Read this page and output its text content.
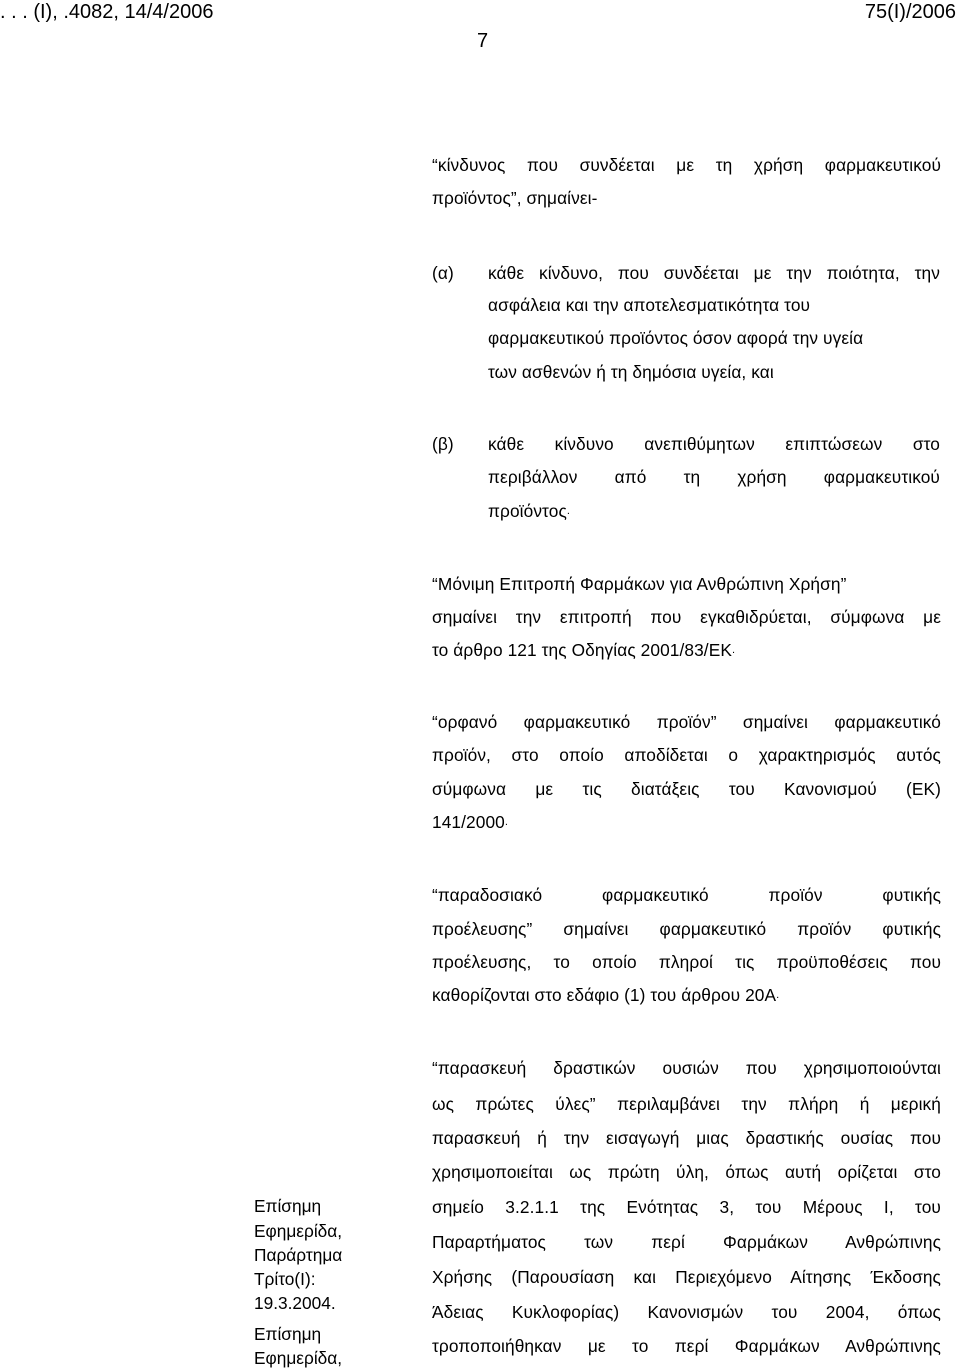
. . . (Ι), .4082, 14/4/2006	75(Ι)/2006
7
“κίνδυνος που συνδέεται με τη χρήση φαρμακευτικού
προϊόντος”, σημαίνει-
(α) κάθε κίνδυνο, που συνδέεται με την ποιότητα, την
ασφάλεια και την αποτελεσματικότητα του
φαρμακευτικού προϊόντος όσον αφορά την υγεία
των ασθενών ή τη δημόσια υγεία, και
(β) κάθε κίνδυνο ανεπιθύμητων επιπτώσεων στο
περιβάλλον από τη χρήση φαρμακευτικού
προϊόντος.
“Μόνιμη Επιτροπή Φαρμάκων για Ανθρώπινη Χρήση”
σημαίνει την επιτροπή που εγκαθιδρύεται, σύμφωνα με
το άρθρο 121 της Οδηγίας 2001/83/ΕΚ.
“ορφανό φαρμακευτικό προϊόν” σημαίνει φαρμακευτικό
προϊόν, στο οποίο αποδίδεται ο χαρακτηρισμός αυτός
σύμφωνα με τις διατάξεις του Κανονισμού (ΕΚ)
141/2000.
“παραδοσιακό φαρμακευτικό προϊόν φυτικής
προέλευσης” σημαίνει φαρμακευτικό προϊόν φυτικής
προέλευσης, το οποίο πληροί τις προϋποθέσεις που
καθορίζονται στο εδάφιο (1) του άρθρου 20Α.
“παρασκευή δραστικών ουσιών που χρησιμοποιούνται
ως πρώτες ύλες” περιλαμβάνει την πλήρη ή μερική
παρασκευή ή την εισαγωγή μιας δραστικής ουσίας που
χρησιμοποιείται ως πρώτη ύλη, όπως αυτή ορίζεται στο
σημείο 3.2.1.1 της Ενότητας 3, του Μέρους Ι, του
Παραρτήματος των περί Φαρμάκων Ανθρώπινης
Χρήσης (Παρουσίαση και Περιεχόμενο Αίτησης Έκδοσης
Άδειας Κυκλοφορίας) Κανονισμών του 2004, όπως
τροποποιήθηκαν με το περί Φαρμάκων Ανθρώπινης
Επίσημη
Εφημερίδα,
Παράρτημα
Τρίτο(Ι):
19.3.2004.
Επίσημη
Εφημερίδα,
